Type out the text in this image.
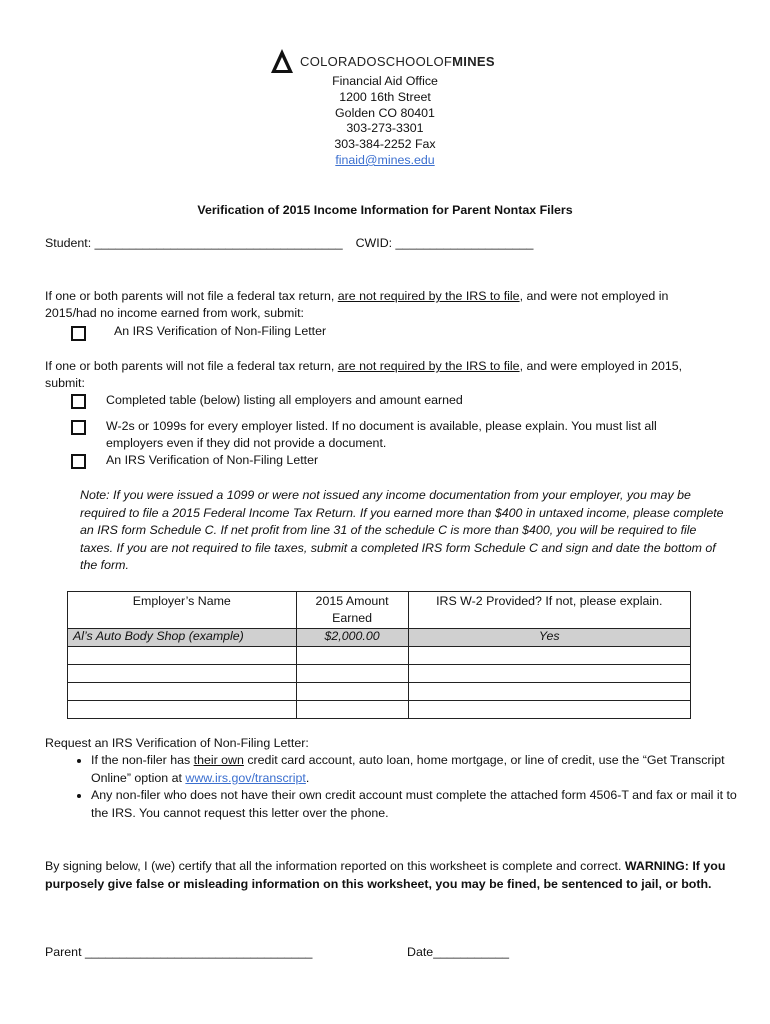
COLORADOSCHOOLOFMINES
Financial Aid Office
1200 16th Street
Golden CO 80401
303-273-3301
303-384-2252 Fax
finaid@mines.edu
Verification of 2015 Income Information for Parent Nontax Filers
Student: ____________________________________ CWID: ____________________
If one or both parents will not file a federal tax return, are not required by the IRS to file, and were not employed in
2015/had no income earned from work, submit:
An IRS Verification of Non-Filing Letter
If one or both parents will not file a federal tax return, are not required by the IRS to file, and were employed in 2015,
submit:
Completed table (below) listing all employers and amount earned
W-2s or 1099s for every employer listed. If no document is available, please explain. You must list all
employers even if they did not provide a document.
An IRS Verification of Non-Filing Letter
Note: If you were issued a 1099 or were not issued any income documentation from your employer, you may be required to file a 2015 Federal Income Tax Return. If you earned more than $400 in untaxed income, please complete an IRS form Schedule C. If net profit from line 31 of the schedule C is more than $400, you will be required to file taxes. If you are not required to file taxes, submit a completed IRS form Schedule C and sign and date the bottom of the form.
Employer’s Name	2015 Amount Earned	IRS W-2 Provided? If not, please explain.
Al’s Auto Body Shop (example)	$2,000.00	Yes

Request an IRS Verification of Non-Filing Letter:
• If the non-filer has their own credit card account, auto loan, home mortgage, or line of credit, use the “Get Transcript Online” option at www.irs.gov/transcript.
• Any non-filer who does not have their own credit account must complete the attached form 4506-T and fax or mail it to the IRS. You cannot request this letter over the phone.
By signing below, I (we) certify that all the information reported on this worksheet is complete and correct. WARNING: If you purposely give false or misleading information on this worksheet, you may be fined, be sentenced to jail, or both.
Parent _________________________________	Date___________
